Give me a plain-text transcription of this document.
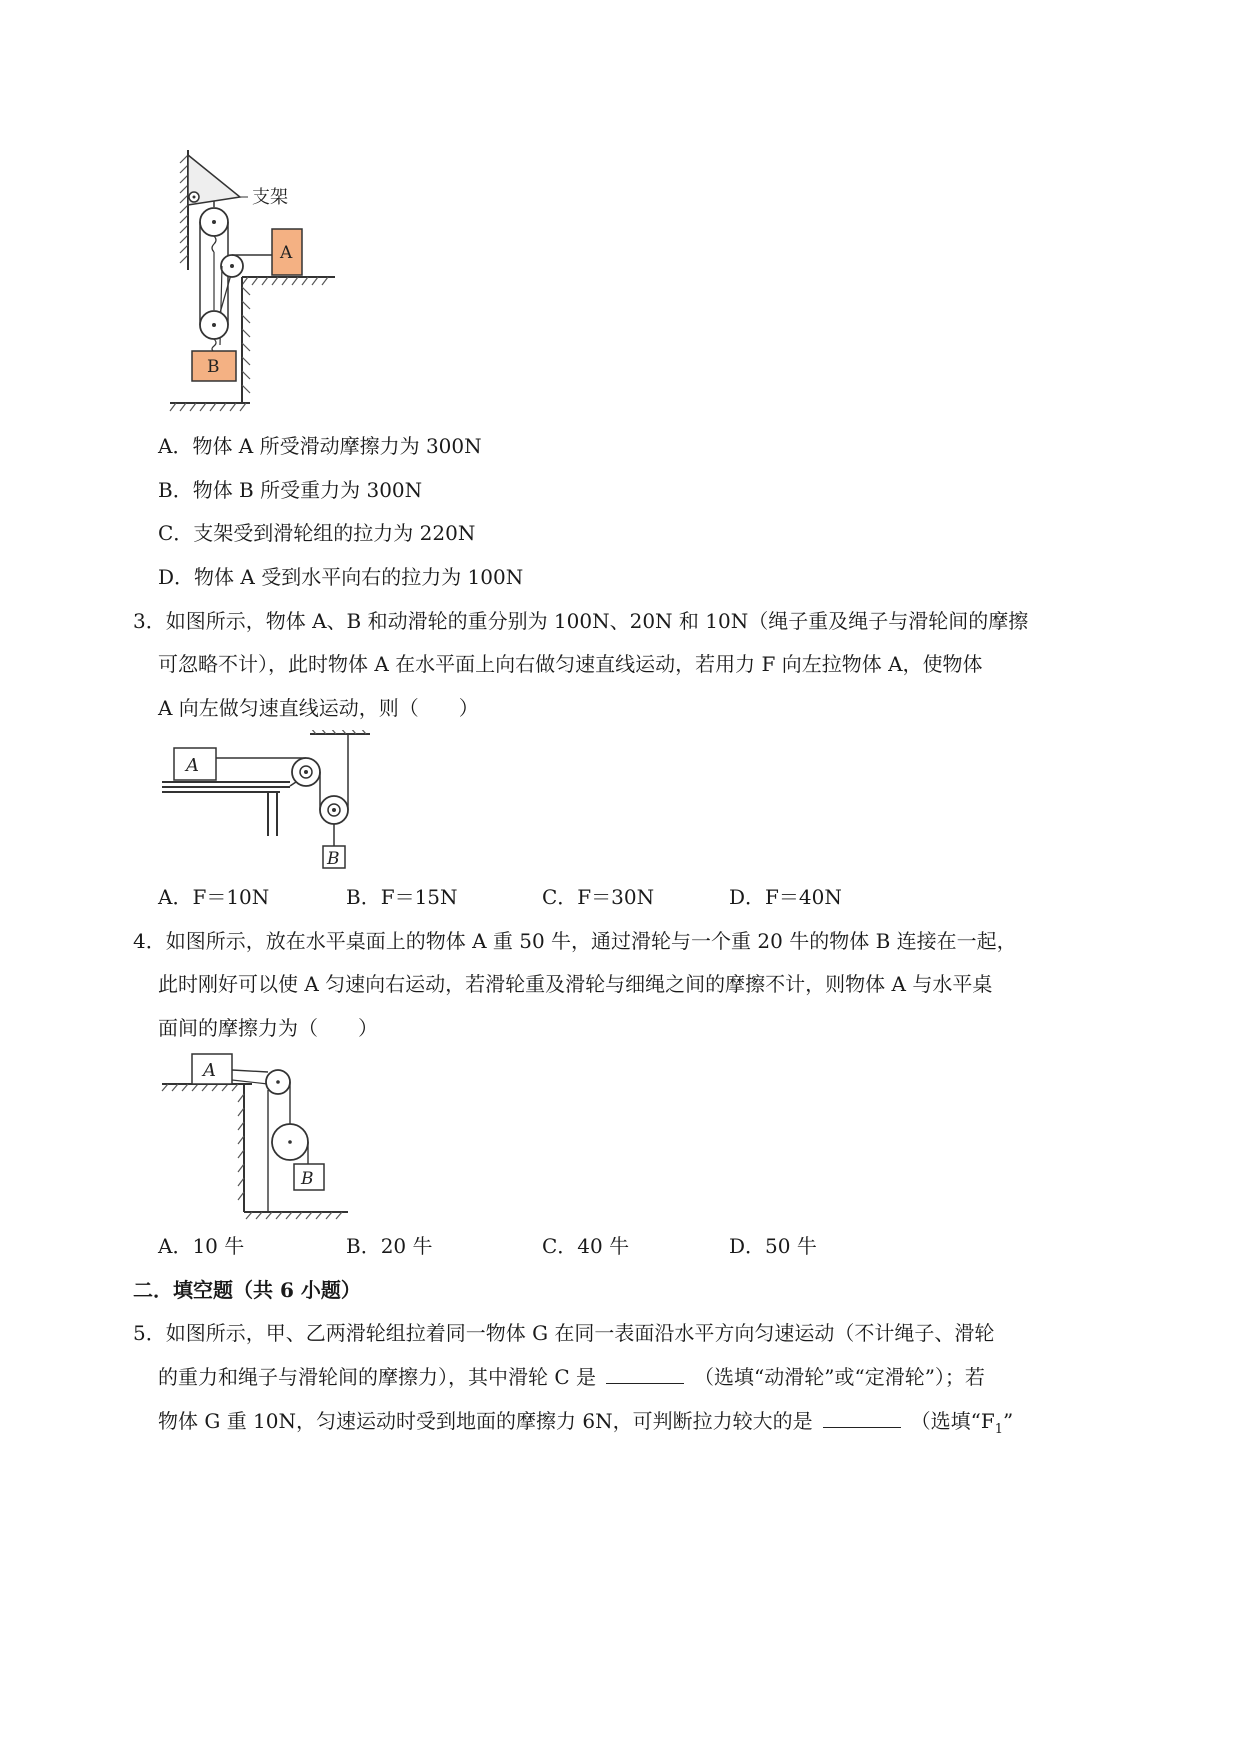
支架
A
B
A．物体 A 所受滑动摩擦力为 300N
B．物体 B 所受重力为 300N
C．支架受到滑轮组的拉力为 220N
D．物体 A 受到水平向右的拉力为 100N
3．如图所示，物体 A、B 和动滑轮的重分别为 100N、20N 和 10N（绳子重及绳子与滑轮间的摩擦
可忽略不计），此时物体 A 在水平面上向右做匀速直线运动，若用力 F 向左拉物体 A，使物体
A 向左做匀速直线运动，则（　　）
A
B
A．F＝10N	B．F＝15N	C．F＝30N	D．F＝40N
4．如图所示，放在水平桌面上的物体 A 重 50 牛，通过滑轮与一个重 20 牛的物体 B 连接在一起，
此时刚好可以使 A 匀速向右运动，若滑轮重及滑轮与细绳之间的摩擦不计，则物体 A 与水平桌
面间的摩擦力为（　　）
A
B
A．10 牛	B．20 牛	C．40 牛	D．50 牛
二．填空题（共 6 小题）
5．如图所示，甲、乙两滑轮组拉着同一物体 G 在同一表面沿水平方向匀速运动（不计绳子、滑轮
的重力和绳子与滑轮间的摩擦力），其中滑轮 C 是	（选填“动滑轮”或“定滑轮”）；若
物体 G 重 10N，匀速运动时受到地面的摩擦力 6N，可判断拉力较大的是	（选填“$F_1$”
